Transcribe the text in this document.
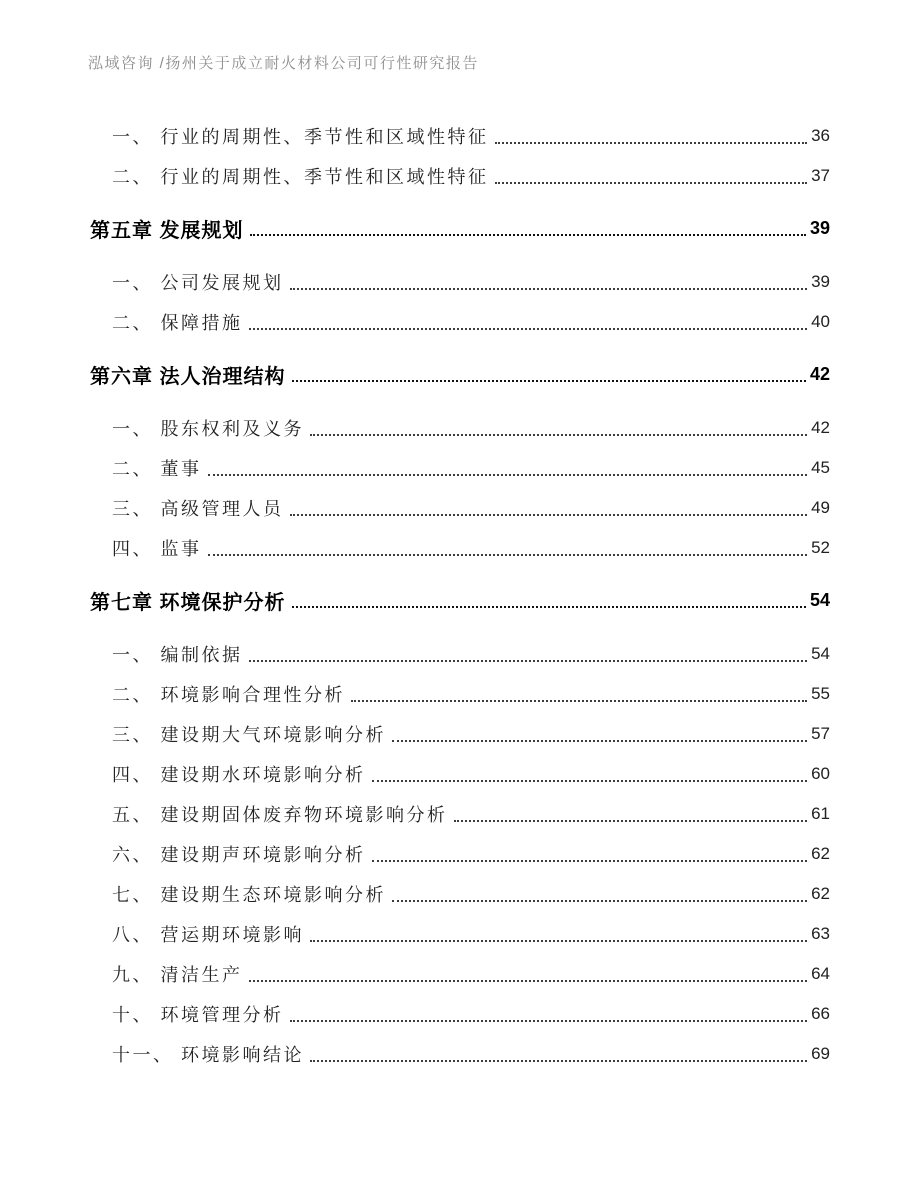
泓域咨询 /扬州关于成立耐火材料公司可行性研究报告
一、 行业的周期性、季节性和区域性特征	36
二、 行业的周期性、季节性和区域性特征	37
第五章 发展规划	39
一、 公司发展规划	39
二、 保障措施	40
第六章 法人治理结构	42
一、 股东权利及义务	42
二、 董事	45
三、 高级管理人员	49
四、 监事	52
第七章 环境保护分析	54
一、 编制依据	54
二、 环境影响合理性分析	55
三、 建设期大气环境影响分析	57
四、 建设期水环境影响分析	60
五、 建设期固体废弃物环境影响分析	61
六、 建设期声环境影响分析	62
七、 建设期生态环境影响分析	62
八、 营运期环境影响	63
九、 清洁生产	64
十、 环境管理分析	66
十一、 环境影响结论	69
